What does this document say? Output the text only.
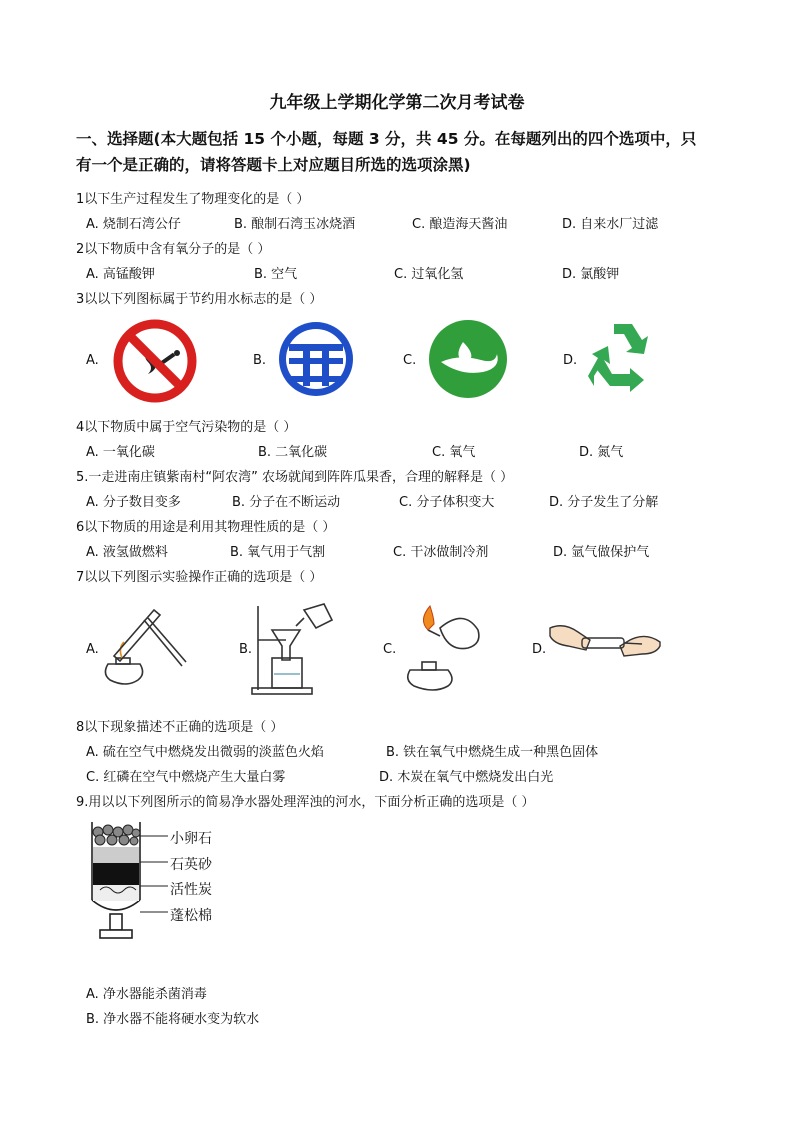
九年级上学期化学第二次月考试卷
一、选择题(本大题包括 15 个小题，每题 3 分，共 45 分。在每题列出的四个选项中，只
有一个是正确的，请将答题卡上对应题目所选的选项涂黑)
1以下生产过程发生了物理变化的是（ ）
A. 烧制石湾公仔	B. 酿制石湾玉冰烧酒	C. 酿造海天酱油	D. 自来水厂过滤
2以下物质中含有氧分子的是（ ）
A. 高锰酸钾	B. 空气	C. 过氧化氢	D. 氯酸钾
3以以下列图标属于节约用水标志的是（ ）
A.	B.	C.	D.
4以下物质中属于空气污染物的是（ ）
A. 一氧化碳	B. 二氧化碳	C. 氧气	D. 氮气
5.一走进南庄镇紫南村“阿农湾” 农场就闻到阵阵瓜果香，合理的解释是（ ）
A. 分子数目变多	B. 分子在不断运动	C. 分子体积变大	D. 分子发生了分解
6以下物质的用途是利用其物理性质的是（ ）
A. 液氢做燃料	B. 氧气用于气割	C. 干冰做制冷剂	D. 氩气做保护气
7以以下列图示实验操作正确的选项是（ ）
A.	B.	C.	D.
8以下现象描述不正确的选项是（ ）
A. 硫在空气中燃烧发出微弱的淡蓝色火焰	B. 铁在氧气中燃烧生成一种黑色固体
C. 红磷在空气中燃烧产生大量白雾	D. 木炭在氧气中燃烧发出白光
9.用以以下列图所示的简易净水器处理浑浊的河水，下面分析正确的选项是（ ）
小卵石
石英砂
活性炭
蓬松棉
A. 净水器能杀菌消毒
B. 净水器不能将硬水变为软水
